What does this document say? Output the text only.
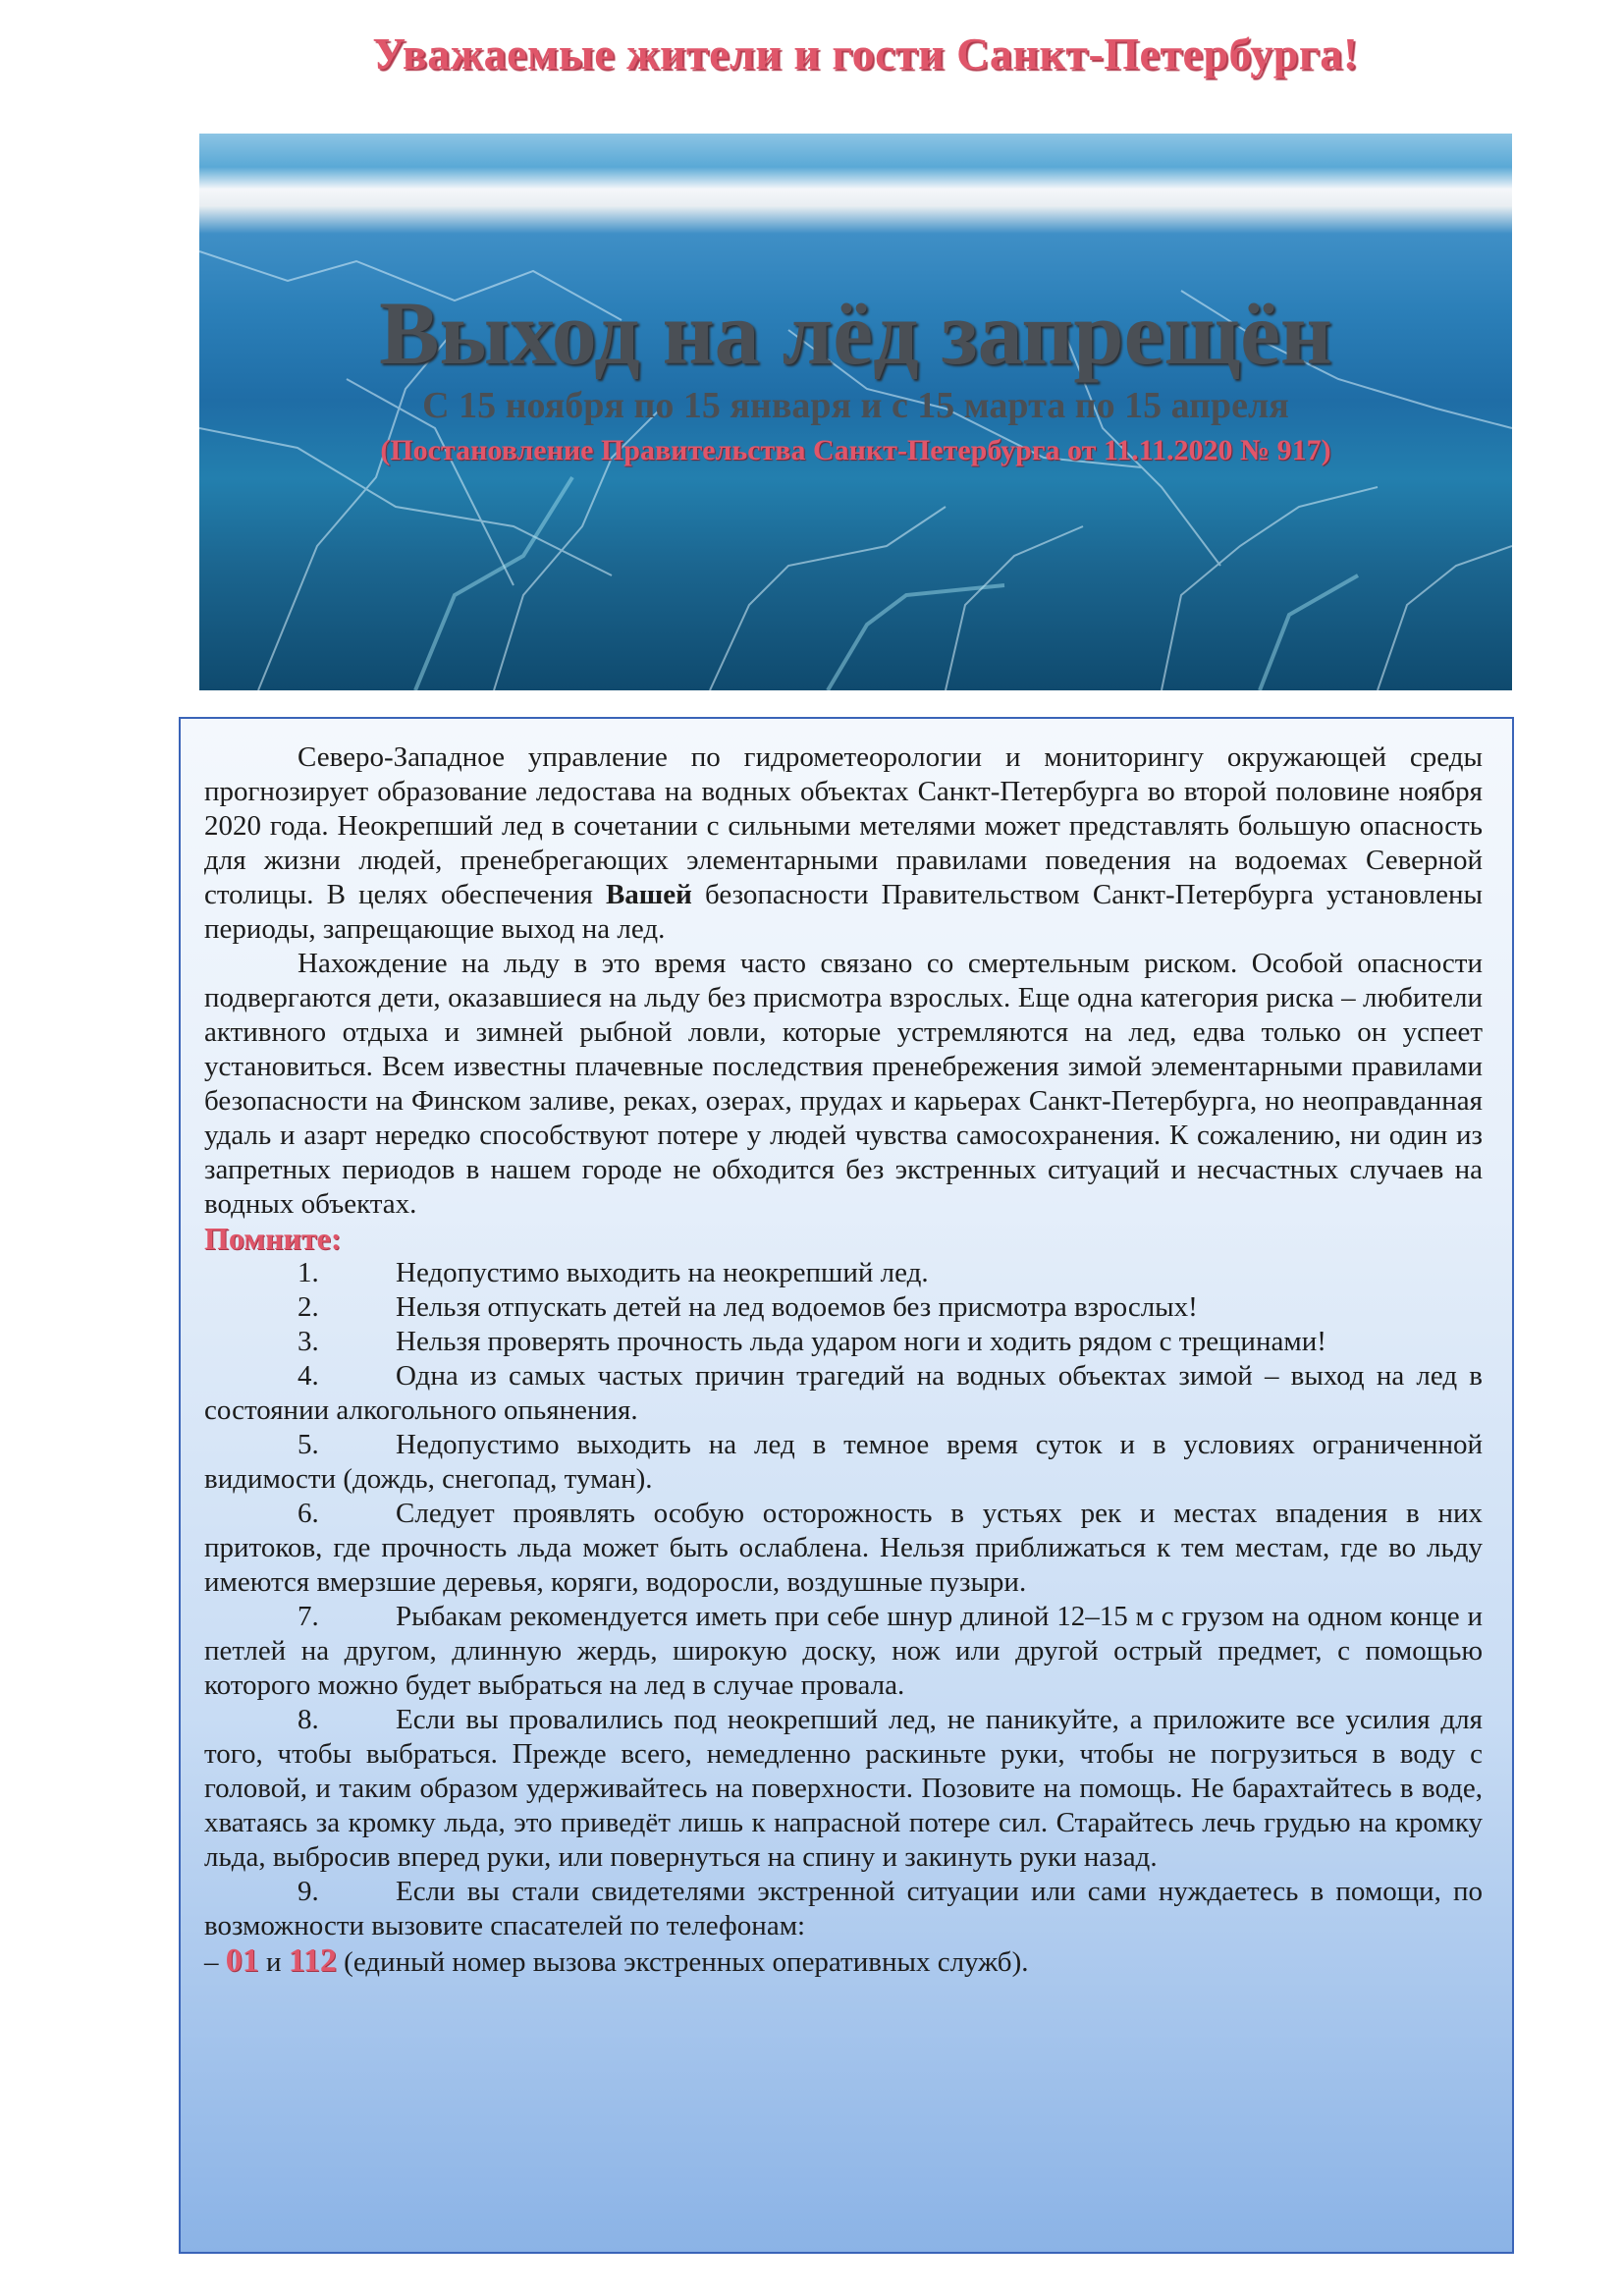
Уважаемые жители и гости Санкт-Петербурга!
Выход на лёд запрещён
С 15 ноября по 15 января и с 15 марта по 15 апреля
(Постановление Правительства Санкт-Петербурга от 11.11.2020 № 917)

Северо-Западное управление по гидрометеорологии и мониторингу окружающей среды прогнозирует образование ледостава на водных объектах Санкт-Петербурга во второй половине ноября 2020 года. Неокрепший лед в сочетании с сильными метелями может представлять большую опасность для жизни людей, пренебрегающих элементарными правилами поведения на водоемах Северной столицы. В целях обеспечения Вашей безопасности Правительством Санкт-Петербурга установлены периоды, запрещающие выход на лед.

Нахождение на льду в это время часто связано со смертельным риском. Особой опасности подвергаются дети, оказавшиеся на льду без присмотра взрослых. Еще одна категория риска – любители активного отдыха и зимней рыбной ловли, которые устремляются на лед, едва только он успеет установиться. Всем известны плачевные последствия пренебрежения зимой элементарными правилами безопасности на Финском заливе, реках, озерах, прудах и карьерах Санкт-Петербурга, но неоправданная удаль и азарт нередко способствуют потере у людей чувства самосохранения. К сожалению, ни один из запретных периодов в нашем городе не обходится без экстренных ситуаций и несчастных случаев на водных объектах.

Помните:

1.	Недопустимо выходить на неокрепший лед.

2.	Нельзя отпускать детей на лед водоемов без присмотра взрослых!

3.	Нельзя проверять прочность льда ударом ноги и ходить рядом с трещинами!

4.	Одна из самых частых причин трагедий на водных объектах зимой – выход на лед в состоянии алкогольного опьянения.

5.	Недопустимо выходить на лед в темное время суток и в условиях ограниченной видимости (дождь, снегопад, туман).

6.	Следует проявлять особую осторожность в устьях рек и местах впадения в них притоков, где прочность льда может быть ослаблена. Нельзя приближаться к тем местам, где во льду имеются вмерзшие деревья, коряги, водоросли, воздушные пузыри.

7.	Рыбакам рекомендуется иметь при себе шнур длиной 12–15 м с грузом на одном конце и петлей на другом, длинную жердь, широкую доску, нож или другой острый предмет, с помощью которого можно будет выбраться на лед в случае провала.

8.	Если вы провалились под неокрепший лед, не паникуйте, а приложите все усилия для того, чтобы выбраться. Прежде всего, немедленно раскиньте руки, чтобы не погрузиться в воду с головой, и таким образом удерживайтесь на поверхности. Позовите на помощь. Не барахтайтесь в воде, хватаясь за кромку льда, это приведёт лишь к напрасной потере сил. Старайтесь лечь грудью на кромку льда, выбросив вперед руки, или повернуться на спину и закинуть руки назад.

9.	Если вы стали свидетелями экстренной ситуации или сами нуждаетесь в помощи, по возможности вызовите спасателей по телефонам:

– 01 и 112 (единый номер вызова экстренных оперативных служб).
